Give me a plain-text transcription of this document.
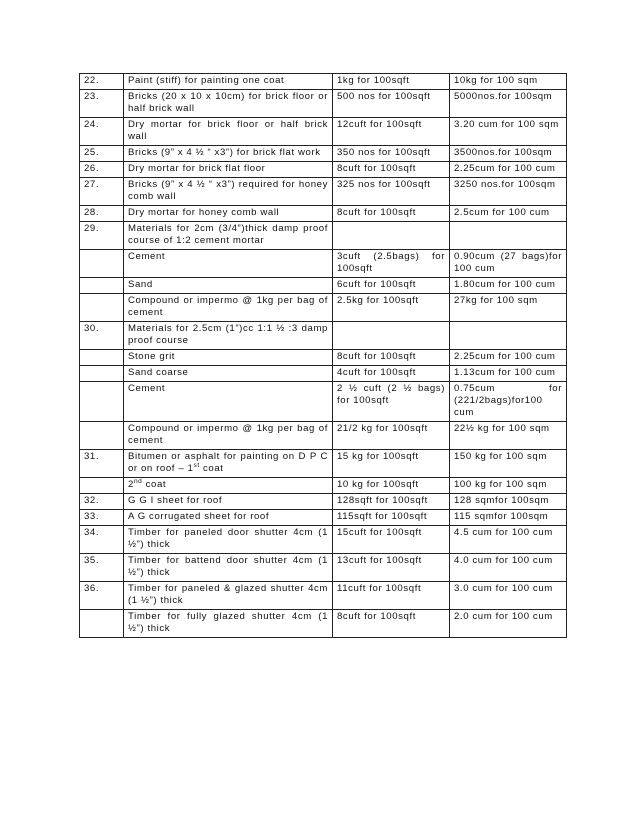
22.	Paint (stiff) for painting one coat	1kg for 100sqft	10kg for 100 sqm
23.	Bricks (20 x 10 x 10cm) for brick floor or half brick wall	500 nos for 100sqft	5000nos.for 100sqm
24.	Dry mortar for brick floor or half brick wall	12cuft for 100sqft	3.20 cum for 100 sqm
25.	Bricks (9” x 4 ½ “ x3”) for brick flat work	350 nos for 100sqft	3500nos.for 100sqm
26.	Dry mortar for brick flat floor	8cuft for 100sqft	2.25cum for 100 cum
27.	Bricks (9” x 4 ½ “ x3”) required for honey comb wall	325 nos for 100sqft	3250 nos.for 100sqm
28.	Dry mortar for honey comb wall	8cuft for 100sqft	2.5cum for 100 cum
29.	Materials for 2cm (3/4”)thick damp proof course of 1:2 cement mortar		
	Cement	3cuft (2.5bags) for 100sqft	0.90cum (27 bags)for 100 cum
	Sand	6cuft for 100sqft	1.80cum for 100 cum
	Compound or impermo @ 1kg per bag of cement	2.5kg for 100sqft	27kg for 100 sqm
30.	Materials for 2.5cm (1”)cc 1:1 ½ :3 damp proof course		
	Stone grit	8cuft for 100sqft	2.25cum for 100 cum
	Sand coarse	4cuft for 100sqft	1.13cum for 100 cum
	Cement	2 ½ cuft (2 ½ bags) for 100sqft	0.75cum for (221/2bags)for100 cum
	Compound or impermo @ 1kg per bag of cement	21/2 kg for 100sqft	22½ kg for 100 sqm
31.	Bitumen or asphalt for painting on D P C or on roof – 1st coat	15 kg for 100sqft	150 kg for 100 sqm
	2nd coat	10 kg for 100sqft	100 kg for 100 sqm
32.	G G I sheet for roof	128sqft for 100sqft	128 sqmfor 100sqm
33.	A G corrugated sheet for roof	115sqft for 100sqft	115 sqmfor 100sqm
34.	Timber for paneled door shutter 4cm (1 ½”) thick	15cuft for 100sqft	4.5 cum for 100 cum
35.	Timber for battend door shutter 4cm (1 ½”) thick	13cuft for 100sqft	4.0 cum for 100 cum
36.	Timber for paneled & glazed shutter 4cm (1 ½”) thick	11cuft for 100sqft	3.0 cum for 100 cum
	Timber for fully glazed shutter 4cm (1 ½”) thick	8cuft for 100sqft	2.0 cum for 100 cum
